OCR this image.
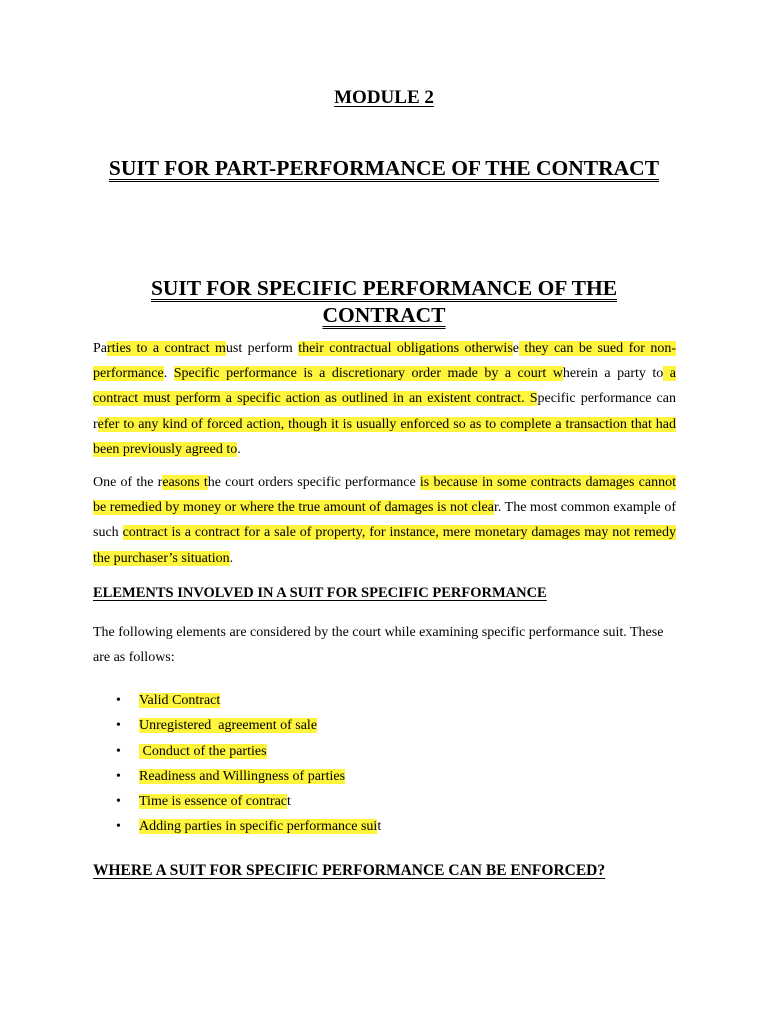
MODULE 2
SUIT FOR PART-PERFORMANCE OF THE CONTRACT
SUIT FOR SPECIFIC PERFORMANCE OF THE CONTRACT

Parties to a contract must perform their contractual obligations otherwise they can be sued for non-performance. Specific performance is a discretionary order made by a court wherein a party to a contract must perform a specific action as outlined in an existent contract. Specific performance can refer to any kind of forced action, though it is usually enforced so as to complete a transaction that had been previously agreed to.

One of the reasons the court orders specific performance is because in some contracts damages cannot be remedied by money or where the true amount of damages is not clear. The most common example of such contract is a contract for a sale of property, for instance, mere monetary damages may not remedy the purchaser’s situation.

ELEMENTS INVOLVED IN A SUIT FOR SPECIFIC PERFORMANCE

The following elements are considered by the court while examining specific performance suit. These are as follows:

• Valid Contract
• Unregistered  agreement of sale
• Conduct of the parties
• Readiness and Willingness of parties
• Time is essence of contract
• Adding parties in specific performance suit
WHERE A SUIT FOR SPECIFIC PERFORMANCE CAN BE ENFORCED?
